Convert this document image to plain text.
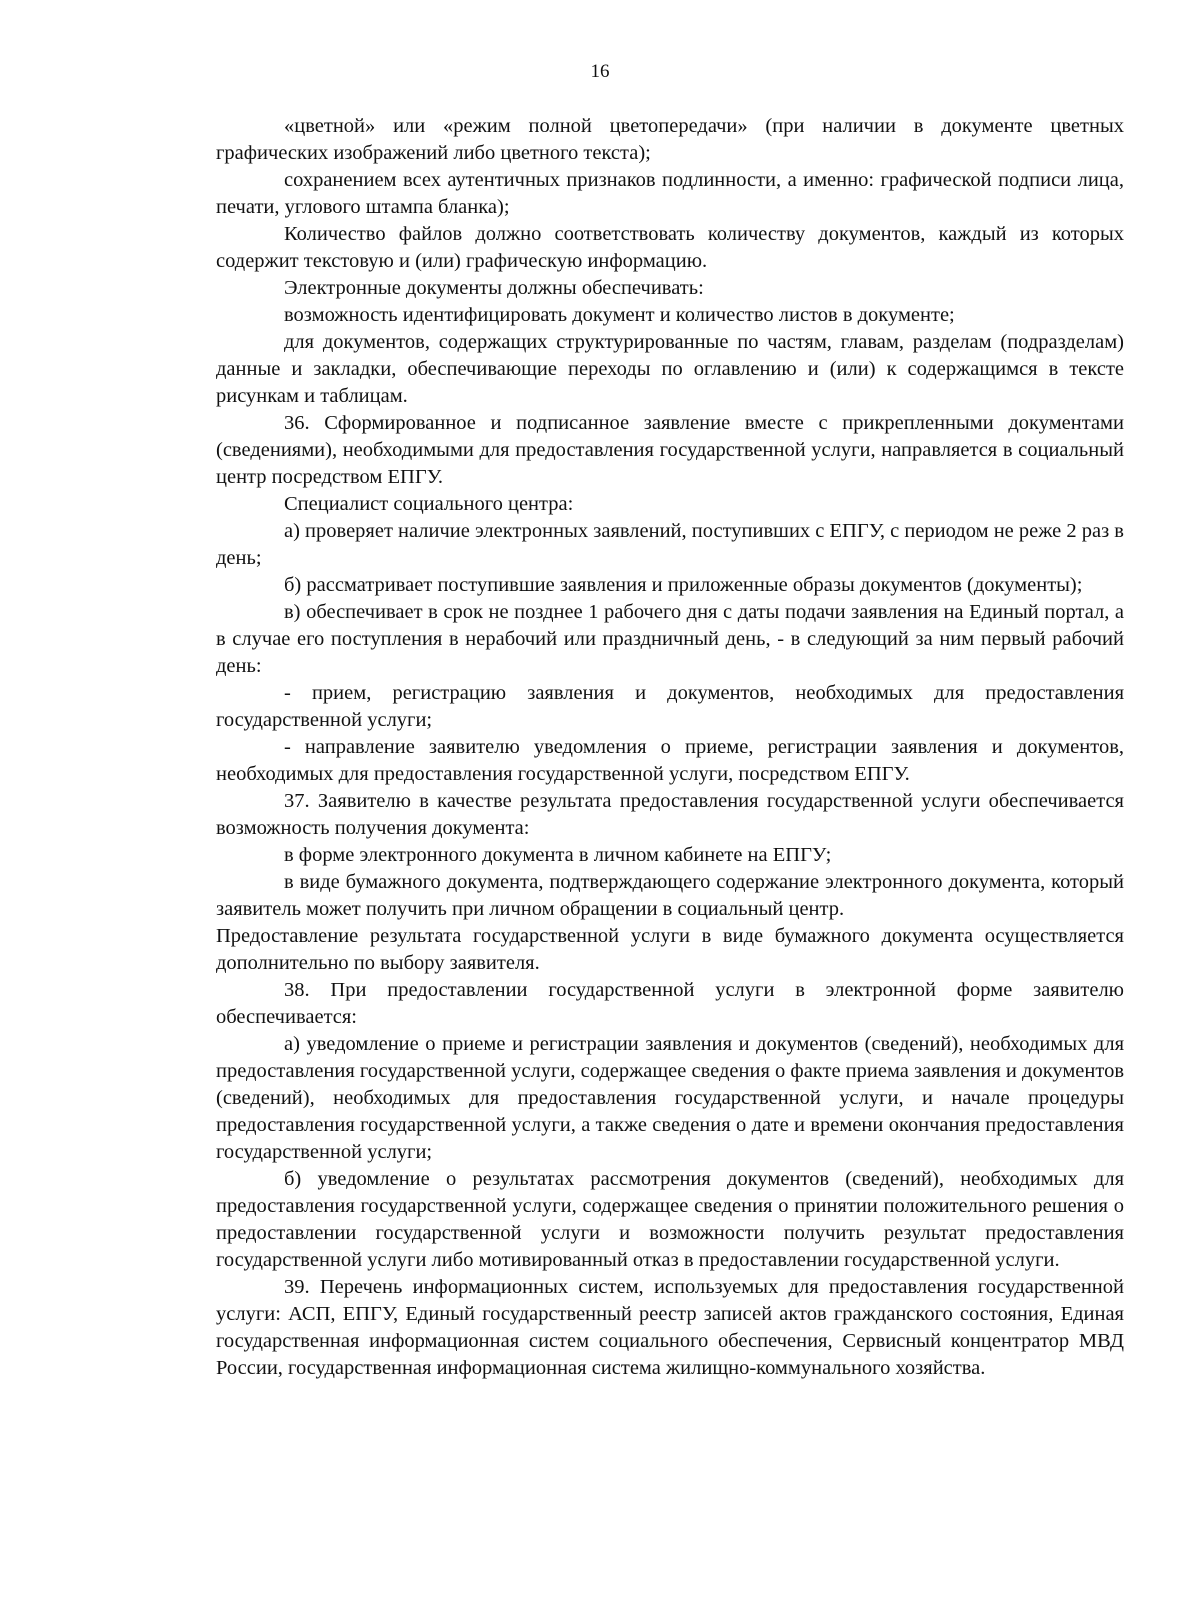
16

«цветной» или «режим полной цветопередачи» (при наличии в документе цветных графических изображений либо цветного текста);

сохранением всех аутентичных признаков подлинности, а именно: графической подписи лица, печати, углового штампа бланка);

Количество файлов должно соответствовать количеству документов, каждый из которых содержит текстовую и (или) графическую информацию.

Электронные документы должны обеспечивать:

возможность идентифицировать документ и количество листов в документе;

для документов, содержащих структурированные по частям, главам, разделам (подразделам) данные и закладки, обеспечивающие переходы по оглавлению и (или) к содержащимся в тексте рисункам и таблицам.

36. Сформированное и подписанное заявление вместе с прикрепленными документами (сведениями), необходимыми для предоставления государственной услуги, направляется в социальный центр посредством ЕПГУ.

Специалист социального центра:

а) проверяет наличие электронных заявлений, поступивших с ЕПГУ, с периодом не реже 2 раз в день;

б) рассматривает поступившие заявления и приложенные образы документов (документы);

в) обеспечивает в срок не позднее 1 рабочего дня с даты подачи заявления на Единый портал, а в случае его поступления в нерабочий или праздничный день, - в следующий за ним первый рабочий день:

- прием, регистрацию заявления и документов, необходимых для предоставления государственной услуги;

- направление заявителю уведомления о приеме, регистрации заявления и документов, необходимых для предоставления государственной услуги, посредством ЕПГУ.

37. Заявителю в качестве результата предоставления государственной услуги обеспечивается возможность получения документа:

в форме электронного документа в личном кабинете на ЕПГУ;

в виде бумажного документа, подтверждающего содержание электронного документа, который заявитель может получить при личном обращении в социальный центр.

Предоставление результата государственной услуги в виде бумажного документа осуществляется дополнительно по выбору заявителя.

38. При предоставлении государственной услуги в электронной форме заявителю обеспечивается:

а) уведомление о приеме и регистрации заявления и документов (сведений), необходимых для предоставления государственной услуги, содержащее сведения о факте приема заявления и документов (сведений), необходимых для предоставления государственной услуги, и начале процедуры предоставления государственной услуги, а также сведения о дате и времени окончания предоставления государственной услуги;

б) уведомление о результатах рассмотрения документов (сведений), необходимых для предоставления государственной услуги, содержащее сведения о принятии положительного решения о предоставлении государственной услуги и возможности получить результат предоставления государственной услуги либо мотивированный отказ в предоставлении государственной услуги.

39. Перечень информационных систем, используемых для предоставления государственной услуги: АСП, ЕПГУ, Единый государственный реестр записей актов гражданского состояния, Единая государственная информационная систем социального обеспечения, Сервисный концентратор МВД России, государственная информационная система жилищно-коммунального хозяйства.
